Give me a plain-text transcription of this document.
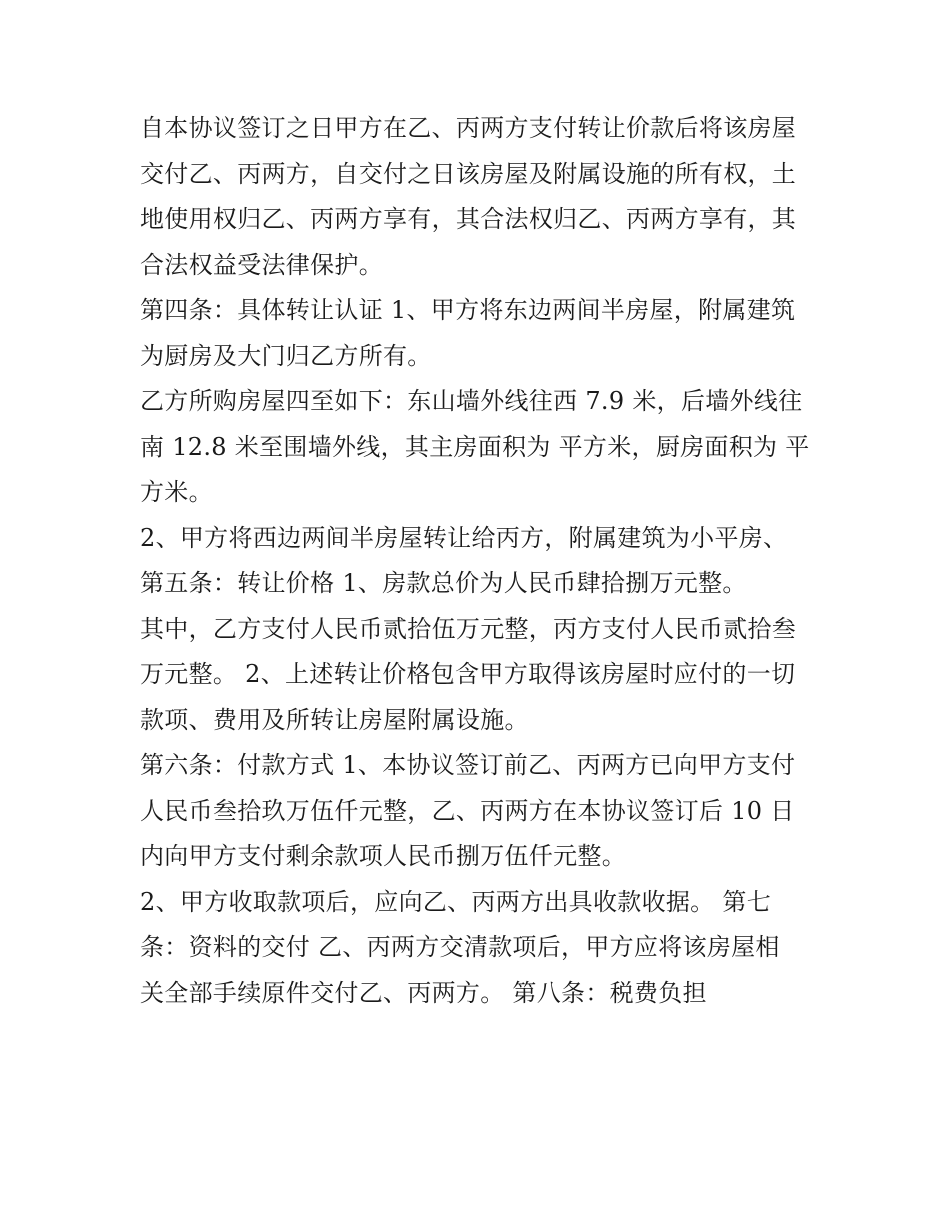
自本协议签订之日甲方在乙、丙两方支付转让价款后将该房屋
交付乙、丙两方，自交付之日该房屋及附属设施的所有权，土
地使用权归乙、丙两方享有，其合法权归乙、丙两方享有，其
合法权益受法律保护。

第四条：具体转让认证 1、甲方将东边两间半房屋，附属建筑
为厨房及大门归乙方所有。

乙方所购房屋四至如下：东山墙外线往西 7.9 米，后墙外线往
南 12.8 米至围墙外线，其主房面积为 平方米，厨房面积为 平
方米。

2、甲方将西边两间半房屋转让给丙方，附属建筑为小平房、

第五条：转让价格 1、房款总价为人民币肆拾捌万元整。

其中，乙方支付人民币贰拾伍万元整，丙方支付人民币贰拾叁
万元整。 2、上述转让价格包含甲方取得该房屋时应付的一切
款项、费用及所转让房屋附属设施。

第六条：付款方式 1、本协议签订前乙、丙两方已向甲方支付
人民币叁拾玖万伍仟元整，乙、丙两方在本协议签订后 10 日
内向甲方支付剩余款项人民币捌万伍仟元整。

2、甲方收取款项后，应向乙、丙两方出具收款收据。 第七
条：资料的交付 乙、丙两方交清款项后，甲方应将该房屋相
关全部手续原件交付乙、丙两方。 第八条：税费负担
